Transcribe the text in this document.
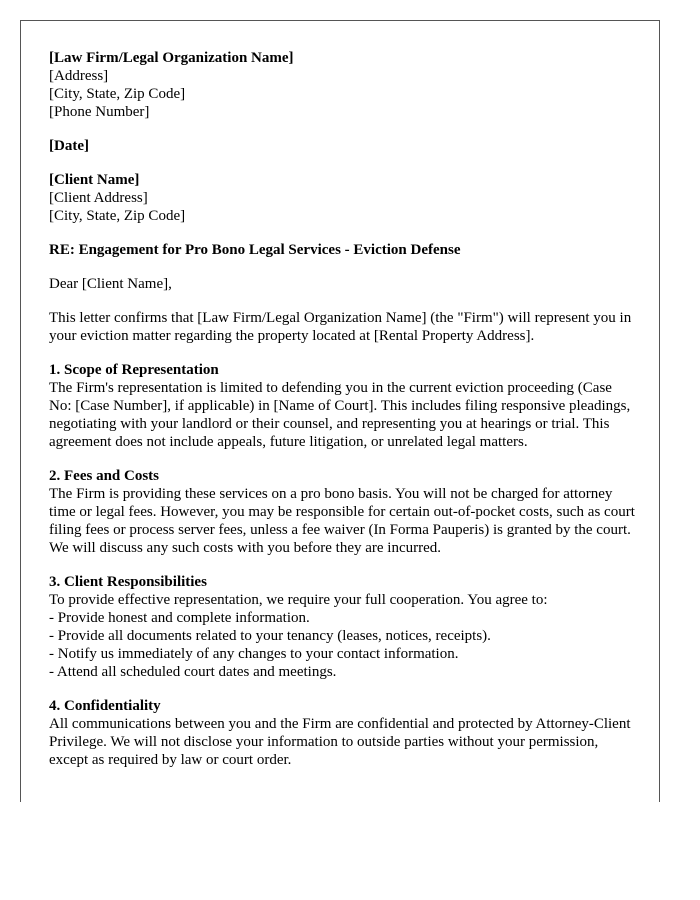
[Law Firm/Legal Organization Name]
[Address]
[City, State, Zip Code]
[Phone Number]
[Date]
[Client Name]
[Client Address]
[City, State, Zip Code]
RE: Engagement for Pro Bono Legal Services - Eviction Defense
Dear [Client Name],

This letter confirms that [Law Firm/Legal Organization Name] (the "Firm") will represent you in your eviction matter regarding the property located at [Rental Property Address].

1. Scope of Representation

The Firm's representation is limited to defending you in the current eviction proceeding (Case No: [Case Number], if applicable) in [Name of Court]. This includes filing responsive pleadings, negotiating with your landlord or their counsel, and representing you at hearings or trial. This agreement does not include appeals, future litigation, or unrelated legal matters.

2. Fees and Costs

The Firm is providing these services on a pro bono basis. You will not be charged for attorney time or legal fees. However, you may be responsible for certain out-of-pocket costs, such as court filing fees or process server fees, unless a fee waiver (In Forma Pauperis) is granted by the court. We will discuss any such costs with you before they are incurred.

3. Client Responsibilities

To provide effective representation, we require your full cooperation. You agree to:

- Provide honest and complete information.
- Provide all documents related to your tenancy (leases, notices, receipts).
- Notify us immediately of any changes to your contact information.
- Attend all scheduled court dates and meetings.
4. Confidentiality

All communications between you and the Firm are confidential and protected by Attorney-Client Privilege. We will not disclose your information to outside parties without your permission, except as required by law or court order.
